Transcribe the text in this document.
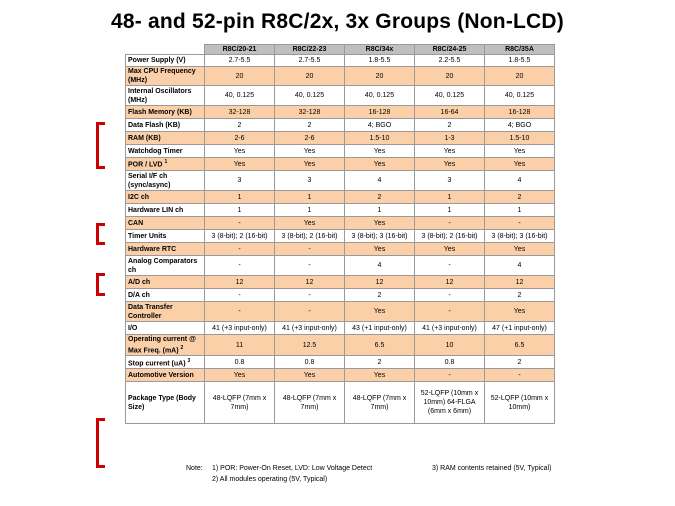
48- and 52-pin R8C/2x, 3x Groups (Non-LCD)
	R8C/20-21	R8C/22-23	R8C/34x	R8C/24-25	R8C/35A
Power Supply (V)	2.7-5.5	2.7-5.5	1.8-5.5	2.2-5.5	1.8-5.5
Max CPU Frequency (MHz)	20	20	20	20	20
Internal Oscillators (MHz)	40, 0.125	40, 0.125	40, 0.125	40, 0.125	40, 0.125
Flash Memory (KB)	32-128	32-128	16-128	16-64	16-128
Data Flash (KB)	2	2	4; BGO	2	4; BGO
RAM (KB)	2-6	2-6	1.5-10	1-3	1.5-10
Watchdog Timer	Yes	Yes	Yes	Yes	Yes
POR / LVD $^1$	Yes	Yes	Yes	Yes	Yes
Serial I/F ch (sync/async)	3	3	4	3	4
I2C ch	1	1	2	1	2
Hardware LIN ch	1	1	1	1	1
CAN	-	Yes	Yes	-	-
Timer Units	3 (8-bit); 2 (16-bit)	3 (8-bit); 2 (16-bit)	3 (8-bit); 3 (16-bit)	3 (8-bit); 2 (16-bit)	3 (8-bit); 3 (16-bit)
Hardware RTC	-	-	Yes	Yes	Yes
Analog Comparators ch	-	-	4	-	4
A/D ch	12	12	12	12	12
D/A ch	-	-	2	-	2
Data Transfer Controller	-	-	Yes	-	Yes
I/O	41 (+3 input-only)	41 (+3 input-only)	43 (+1 input-only)	41 (+3 input-only)	47 (+1 input-only)
Operating current @ Max Freq. (mA) $^2$	11	12.5	6.5	10	6.5
Stop current (uA) $^3$	0.8	0.8	2	0.8	2
Automotive Version	Yes	Yes	Yes	-	-
Package Type (Body Size)	48-LQFP (7mm x 7mm)	48-LQFP (7mm x 7mm)	48-LQFP (7mm x 7mm)	52-LQFP (10mm x 10mm) 64-FLGA (6mm x 6mm)	52-LQFP (10mm x 10mm)
Note: 1) POR: Power-On Reset, LVD: Low Voltage Detect
2) All modules operating (5V, Typical)
3) RAM contents retained (5V, Typical)
